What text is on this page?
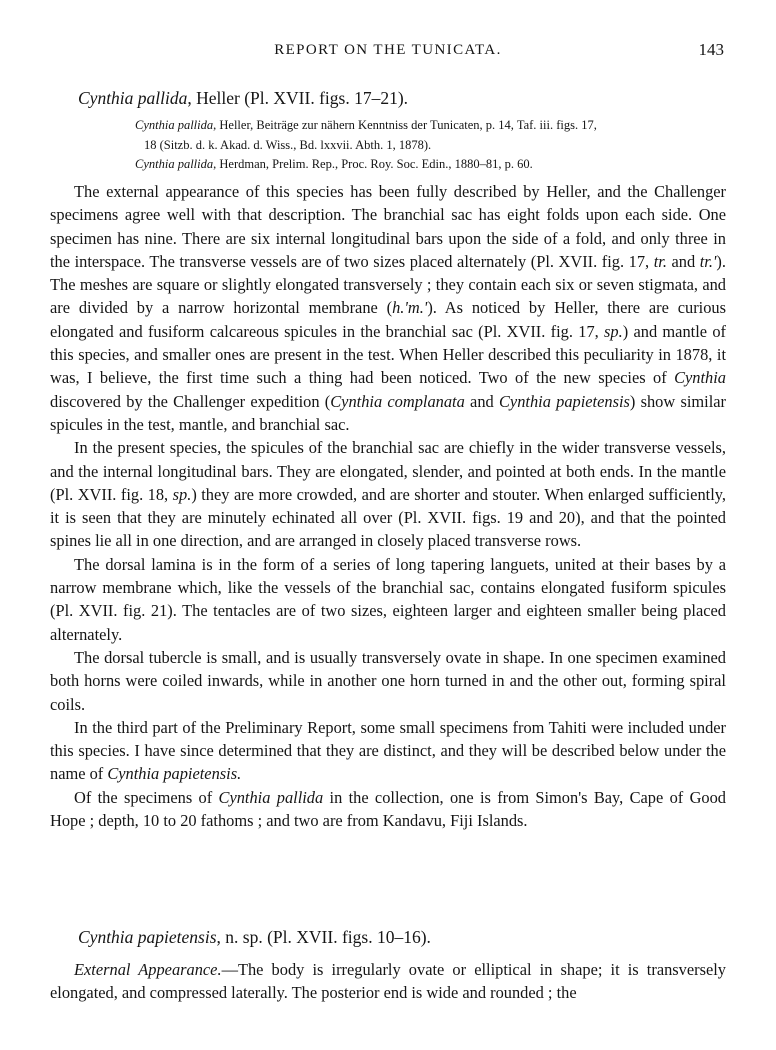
REPORT ON THE TUNICATA.	143
Cynthia pallida, Heller (Pl. XVII. figs. 17–21).

Cynthia pallida, Heller, Beiträge zur nähern Kenntniss der Tunicaten, p. 14, Taf. iii. figs. 17,

18 (Sitzb. d. k. Akad. d. Wiss., Bd. lxxvii. Abth. 1, 1878).

Cynthia pallida, Herdman, Prelim. Rep., Proc. Roy. Soc. Edin., 1880–81, p. 60.

The external appearance of this species has been fully described by Heller, and the Challenger specimens agree well with that description. The branchial sac has eight folds upon each side. One specimen has nine. There are six internal longitudinal bars upon the side of a fold, and only three in the interspace. The transverse vessels are of two sizes placed alternately (Pl. XVII. fig. 17, tr. and tr.'). The meshes are square or slightly elongated transversely ; they contain each six or seven stigmata, and are divided by a narrow horizontal membrane (h.'m.'). As noticed by Heller, there are curious elongated and fusiform calcareous spicules in the branchial sac (Pl. XVII. fig. 17, sp.) and mantle of this species, and smaller ones are present in the test. When Heller described this peculiarity in 1878, it was, I believe, the first time such a thing had been noticed. Two of the new species of Cynthia discovered by the Challenger expedition (Cynthia complanata and Cynthia papietensis) show similar spicules in the test, mantle, and branchial sac.

In the present species, the spicules of the branchial sac are chiefly in the wider transverse vessels, and the internal longitudinal bars. They are elongated, slender, and pointed at both ends. In the mantle (Pl. XVII. fig. 18, sp.) they are more crowded, and are shorter and stouter. When enlarged sufficiently, it is seen that they are minutely echinated all over (Pl. XVII. figs. 19 and 20), and that the pointed spines lie all in one direction, and are arranged in closely placed transverse rows.

The dorsal lamina is in the form of a series of long tapering languets, united at their bases by a narrow membrane which, like the vessels of the branchial sac, contains elongated fusiform spicules (Pl. XVII. fig. 21). The tentacles are of two sizes, eighteen larger and eighteen smaller being placed alternately.

The dorsal tubercle is small, and is usually transversely ovate in shape. In one specimen examined both horns were coiled inwards, while in another one horn turned in and the other out, forming spiral coils.

In the third part of the Preliminary Report, some small specimens from Tahiti were included under this species. I have since determined that they are distinct, and they will be described below under the name of Cynthia papietensis.

Of the specimens of Cynthia pallida in the collection, one is from Simon's Bay, Cape of Good Hope ; depth, 10 to 20 fathoms ; and two are from Kandavu, Fiji Islands.

Cynthia papietensis, n. sp. (Pl. XVII. figs. 10–16).

External Appearance.—The body is irregularly ovate or elliptical in shape; it is transversely elongated, and compressed laterally. The posterior end is wide and rounded ; the
